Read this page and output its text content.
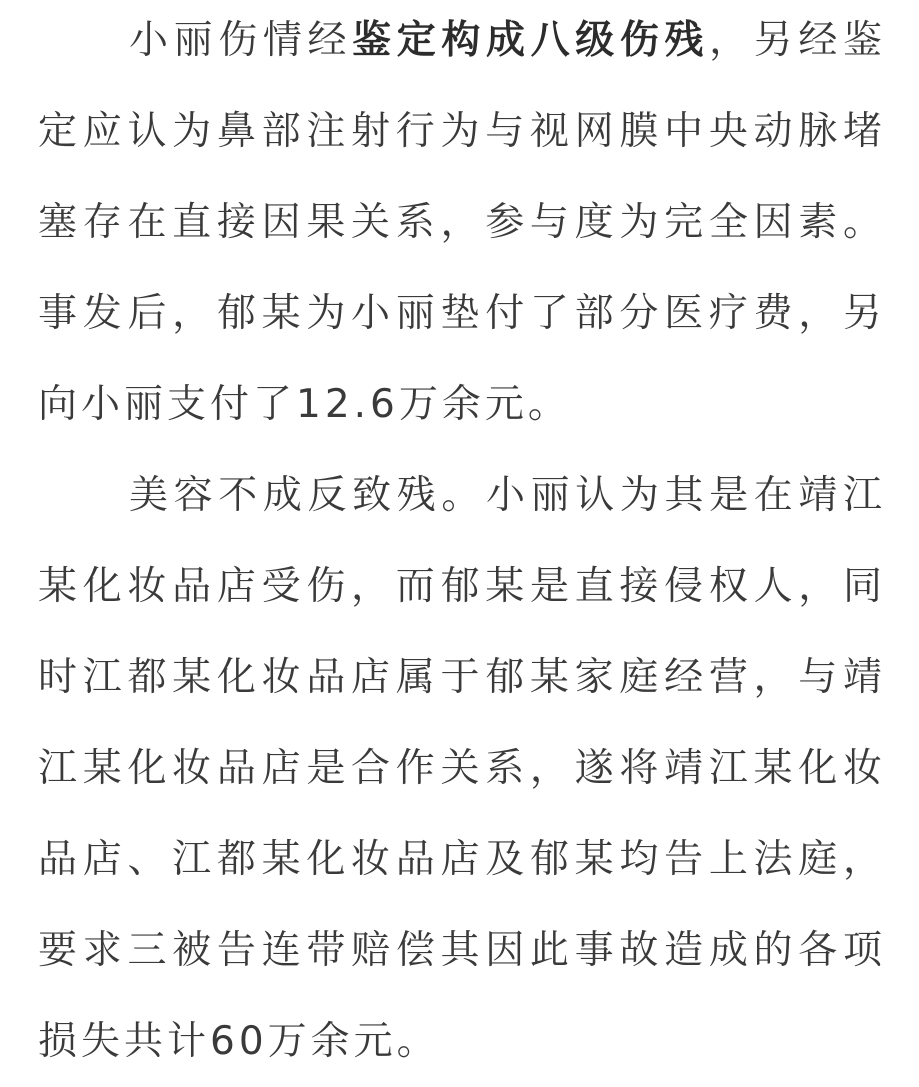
小丽伤情经鉴定构成八级伤残，另经鉴定应认为鼻部注射行为与视网膜中央动脉堵塞存在直接因果关系，参与度为完全因素。事发后，郁某为小丽垫付了部分医疗费，另向小丽支付了12.6万余元。

美容不成反致残。小丽认为其是在靖江某化妆品店受伤，而郁某是直接侵权人，同时江都某化妆品店属于郁某家庭经营，与靖江某化妆品店是合作关系，遂将靖江某化妆品店、江都某化妆品店及郁某均告上法庭，要求三被告连带赔偿其因此事故造成的各项损失共计60万余元。
